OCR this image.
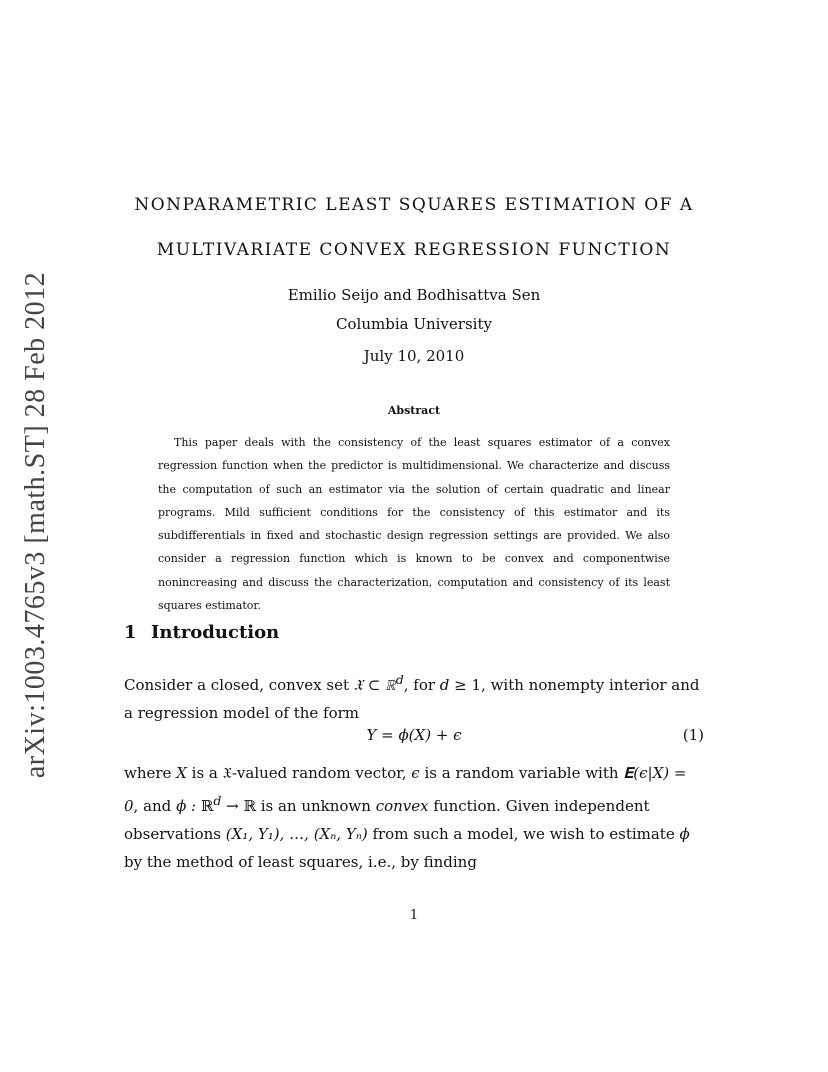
arXiv:1003.4765v3 [math.ST] 28 Feb 2012
NONPARAMETRIC LEAST SQUARES ESTIMATION OF A
MULTIVARIATE CONVEX REGRESSION FUNCTION
Emilio Seijo and Bodhisattva Sen
Columbia University
July 10, 2010
Abstract
This paper deals with the consistency of the least squares estimator of a convex regression function when the predictor is multidimensional. We characterize and discuss the computation of such an estimator via the solution of certain quadratic and linear programs. Mild sufficient conditions for the consistency of this estimator and its subdifferentials in fixed and stochastic design regression settings are provided. We also consider a regression function which is known to be convex and componentwise nonincreasing and discuss the characterization, computation and consistency of its least squares estimator.
1 Introduction
Consider a closed, convex set 𝔛 ⊂ ℝ$^d$, for d ≥ 1, with nonempty interior and a regression model of the form
Y = ϕ(X) + ϵ	(1)
where X is a 𝔛-valued random vector, ϵ is a random variable with 𝐄(ϵ|X) = 0, and ϕ : ℝ$^d$ → ℝ is an unknown convex function. Given independent observations (X₁, Y₁), …, (Xₙ, Yₙ) from such a model, we wish to estimate ϕ by the method of least squares, i.e., by finding
1
